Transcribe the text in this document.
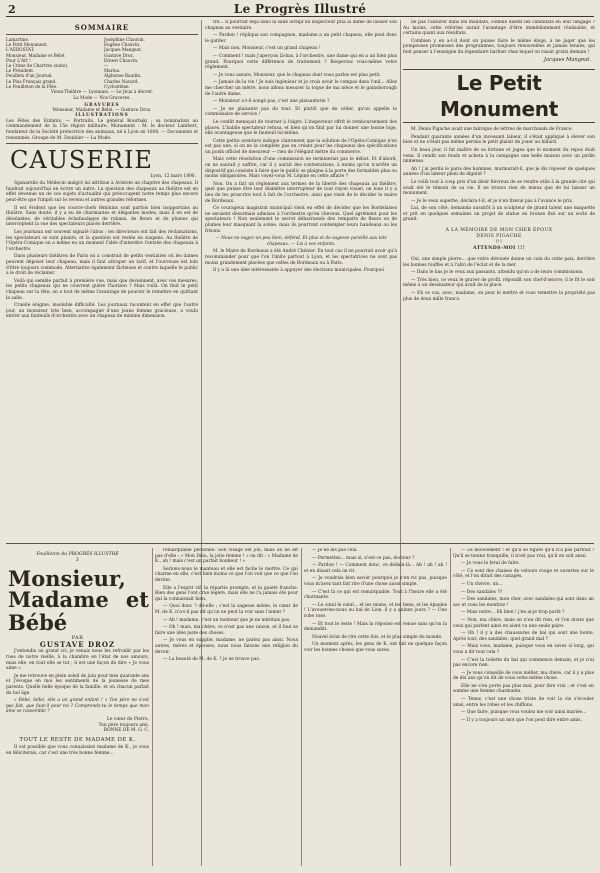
2	Le Progrès Illustré
SOMMAIRE
Lamartine.	Joséphine Chauvin.
Le Petit Monument.	Eugène Chauvin.
L'AÉROSTAT.	Jacques Mangeat.
Monsieur, Madame et Bébé.	Gustave Droz.
Pour L'Art !	Ernest Chauvin.
Le Crime de Chartres (suite).	—
Le Président.	Marius.
Feuillets d'un Journal.	Alphonse Baudin.
Le Plus Français grand.	Charles Navard.
Le Feuilleton de la Fête.	Cyclostème.
Vieux-Théâtre — Lyonnais. — Le Jeux à décret.
La Mode — Nos Gravures.
GRAVURES
Monsieur, Madame et Bébé. — Gustave Droz.
ILLUSTRATIONS
Les Fêtes des Enfants. — Portraits. Le général Bourbaki ; sa nomination au commandement de la 15e région militaire. Monument : M. le docteur Lambert, fondateur de la Société protectrice des animaux, né à Lyon en 1800. — Documents et renommés. Groupe de M. Doublier — La Mode.
CAUSERIE
Lyon, 12 mars 1890.

Sganarelle du Médecin malgré lui attribue à Aristote un chapitre des chapeaux. Il faudrait aujourd'hui en écrire un autre. La question des chapeaux au théâtre est en effet devenue un de ces sujets d'actualité qui préoccupent notre temps plus encore peut-être que l'impôt sur le revenu et autres grandes réformes.

Il est évident que les couvre-chefs féminins sont parfois bien inopportuns au théâtre. Sans doute, il y a eu de charmantes et élégantes modes, mais il en est de désolantes, de véritables échafaudages de rubans, de fleurs et de plumes qui interceptent la vue des spectateurs placés derrière.

Les journaux ont souvent signalé l'abus ; les directeurs ont fait des réclamations, les spectateurs se sont plaints, et la question est restée en suspens. Au théâtre de l'Opéra-Comique on a même eu un moment l'idée d'interdire l'entrée des chapeaux à l'orchestre.

Dans plusieurs théâtres de Paris on a construit de petits vestiaires où les dames peuvent déposer leur chapeau, mais il faut attraper un tarif, et l'ouvreuse est loin d'être toujours commode. Alternative également fâcheuse et contre laquelle le public a le droit de réclamer.

Voilà qui semble parfait à première vue, mais que deviennent, avec ces mesures, les petits chapeaux qui ne couvrent guère l'horizon ? Mais voilà. On finit le petit chapeau sur la tête, on a tout de même l'avantage de pouvoir le remettre en quittant la salle.

Cruelle énigme, insoluble difficulté. Les journaux racontent en effet que l'autre jour, un monsieur très bien, accompagné d'une jeune femme gracieuse, a voulu entrer aux fauteuils d'orchestre avec un chapeau de minime dimension.

tre... Il pourrait déjà dans la salle lorsqu'un inspecteur pria la dame de laisser son chapeau au vestiaire.

— Pardon ! répliqua son compagnon, madame a un petit chapeau, elle peut donc le garder.

— Mais non, Monsieur, c'est un grand chapeau !

— Comment ! mais j'aperçois là-bas, à l'orchestre, une dame qui en a un bien plus grand. Pourquoi cette différence de traitement ? Respectez vous-même votre règlement.

— Je vous assure, Monsieur, que le chapeau dont vous parlez est plus petit.

— Jamais de la vie ! Je suis ingénieur et je crois avoir le compas dans l'œil... Allez me chercher un mètre, nous allons mesurer la toque de ma nièce et le gainsborough de l'autre dame.

— Monsieur a-t-il songé pas, c'est une plaisanterie ?

— Je ne plaisante pas du tout. Et plutôt que de céder, qu'on appelle le commissaire de service !

Le conflit menaçait de tourner à l'aigre. L'inspecteur offrit le remboursement des places. L'habile spectateur refusa, et bien qu'on finit par lui donner une bonne loge, elle avantageuse que le fauteuil lui-même.

Cette petite aventure indique clairement que la solution de l'Opéra-Comique n'en est pas une, si on ne la complète pas en créant pour les chapeaux des spécifications un poids officiel de mesureur — rien de l'élégant mètre du commerce.

Mais cette résolution d'une commission ne terminerait pas le débat. Et d'abord, on ne saurait y suffire, car il y aurait des contestations, à moins qu'on n'arrête un dispositif qui consiste à faire que le public se plaigne à la porte des formalités plus ou moins obligatoires. Mais voyez-vous M. Lépine en cette affaire ?

Non. On a fait un règlement aux termes de la liberté des chapeaux au théâtre, quel que puisse être leur diamètre interrupteur de tout rayon visuel, on loue il y a lieu de les proscrire tout à fait de l'orchestre, ainsi que vient de le décider le maire de Bordeaux.

Ce courageux magistrat municipal vient en effet de décider que les Bordelaises ne seraient désormais admises à l'orchestre qu'en cheveux. Quel agrément pour les spectateurs ! Non seulement le secret débarrassés des remparts de fleurs ou de plumes leur masquant la scène, mais ils pourront contempler leurs bandeaux ou les frisons.

— Nous ne nagez un peu bien, défend, Et plus et de sagesse pareille aux tels chapeaux. — Lis à vos enfants.

M. le Maire de Bordeaux a été André Chénier. En tout cas il ne pourrait avoir qu'à recommander pour que l'on l'imite partout à Lyon, et les spectatrices ne sont pas moins grandement placées que celles de Bordeaux ou à Paris.

Il y a là une idée intéressante à appuyer des élections municipales. Pourquoi

ne pas l'assurer dans les mandats, comme disent les candidats en leur langage ? Au moins, cette réforme aurait l'avantage d'être immédiatement réalisable, et certains quant aux résultats.

Combien y en a-t-il dont on puisse faire le même éloge, à ne juger que les pompeuses promesses des programmes, toujours renouvelées et jamais tenues, qui font penser à l'enseigne du légendaire barbier chez lequel on rasait gratis demain !

Jacques Mangeat.
Le Petit Monument

M. Denis Pigache avait une fabrique de lettres de marchands de France.

Pendant quarante années d'un incessant labeur, il s'était appliqué à élever son bien et ne s'était pas même permis le petit plaisir de jouer au billard.

Un beau jour, il fut maître de sa fortune et jugea que le moment du repos était venu. Il vendit son fonds et acheta à la campagne une belle maison avec un jardin immense.

Ah ! j'ai perdu le paris des hommes, murmurait-il, que je dis reposer de quelques années d'un labeur plein de dignité ?

Le voilà tout à coup pris d'un désir fiévreux de se rendre utile à la grande cité qui avait été le témoin de sa vie. Il ne trouva rien de mieux que de lui laisser un monument.

— Je le veux superbe, déclara-t-il, et je n'en fixerai pas à l'avance le prix.

Lui, de son côté, demanda aussitôt à un sculpteur de grand talent une maquette et prit en quelques semaines un projet de statue en bronze fixé sur un socle de granit.

A LA MÉMOIRE DE MON CHER ÉPOUX
DENIS PIGACHE
!!!
ATTENDS-MOI !!!

Oui, une simple pierre... que votre dévouée donne un coin du cette paix, derrière les bonnes touffes et à l'abri de l'éclat et de la mer.

— Dans le bas je le veux aux passants, attendu qu'on a de leurs commissions.

— Très bien, ce veux le graver de profil, répondit son chef-d'œuvre; il le fit le soir même à un dessinateur qui avait de la place.

— Eh ce cas, avec, madame, on peut le mettre et vous remettre la propriété pas plus de deux mille francs.

Feuilleton du PROGRÈS ILLUSTRÉ
3
Monsieur,
Madame et Bébé
PAR
GUSTAVE DROZ

J'entendis un grand cri, je venais nous les refroidir par les rues de notre vieille, à la chambre en l'état de nos amours, mais elle, en tout elle se tut ; il est une façon de dire « Je vous aime ».

Je me retrouve en plein soleil de juin pour mes quarante ans et j'évoque en moi les sentiments de la jeunesse de mes parents. Quelle belle époque de la famille, et où chacun parlait du bel âge.

« Bébé, bébé, elle a un grand enfant ! » Ton père ne s'est pas fait, que faut-il pour toi ? Comprends-tu le temps que mon âme se rassemble ?

Le cœur de Pierre,
Ton père toujours ami,
BONNE DE M. G. C.

TOUT LE RESTE DE MADAME DE K.

Il est possible que vous connaissiez madame de K., je vous en féliciterais, car c'est une très bonne femme...

remarquable personne. Son visage est joli, mais on ne dit pas d'elle : « Mon Dieu, la jolie femme ! » on dit : « Madame de K., ah ! mais c'est un parfait bonheur ! »

Serions-nous le manteau et elle est facile le mettre. Ce qui charme en elle, c'est bien moins ce que l'on voit que ce que l'on devine.

Elle a l'esprit vif, la répartie prompte, et la gaieté franche. Bien des gens l'ont crue légère, mais elle ne l'a jamais été pour qui la connaissait bien.

— Quoi donc ? dit-elle ; c'est la sagesse même, le cœur de M. de K. n'a-t-il pas dit qu'on ne peut la voir sans l'aimer ?

— Ah ! madame, c'est un bonheur que je ne méritais pas.

— Oh ! mais, ma chère, ce n'est pas une raison, et il faut se faire une idée juste des choses.

— Je vous en supplie, madame, ne parlez pas ainsi. Nous autres, mères et épouses, nous nous faisons une religion du devoir.

— La beauté de M. de K. ? je ne trouve pas.

— Je ne dis pas cela.

— Permettez... mais si, n'est-ce pas, docteur ?

— Pardon ! — Comment donc, ce dédain-là... Ah ! ah ! ah ! et en disant cela on rit.

— Je voudrais bien savoir pourquoi je n'en ris pas, puisque vous m'avez tant fait rire d'une chose aussi simple.

— C'est là ce qui est remarquable. Tout à l'heure elle a été charmante.

— Le cœul le cœul... et les miens, et les tiens, et les épaules ! L'avouerons-nous au bal de Lion, il y a quinze jours ? — Une robe rose.

— Et tout le reste ! Mais la réponse est venue sans qu'on la demandât.

Nouvel éclat de rire cette fois, et le plus simple du monde.

Un moment après, les gens de K. ont fait en quelque façon voir les bonnes choses que vous savez.

— Le mouvement ! et qu'il se figure qu'il n'a pas partout ! Qu'il se tienne tranquille, il n'est pas vrai, qu'il en soit ainsi.

— Je vous le ferai de faire.

— Ce sont des chaises de velours rouge et ouvertes sur le côté, et l'on dirait des canapés.

— Un chèvre, un...

— Des sandales !!!

— Des sandales, mon cher, avec sandales qui sont dans un sac et vous les montrez !

— Mais notre... Eh bien ! j'en ai-je trop parlé ?

— Non, ma chère, mais on n'en dit rien, et l'on doute que ceux qui parlent ainsi en aient vu une seule paire.

— Oh ! il y a des chaussures de bal qui sont une honte. Après tout, des sandales, quel grand mal ?

— Mais vous, madame, puisque vous en savez si long, qui vous a dit tout cela ?

— C'est la toilette du bal qui commence demain, et je n'ai pas encore rien.

— Je vous conseille de vous méfier, ma chère, car il y a plus de dix ans qu'on dit de vous cette même chose.

Elle ne s'en porte pas plus mal, pour dire vrai ; et c'est en somme une femme charmante.

— Tenez, c'est une chose triste de voir la vie s'écouler ainsi, entre les robes et les chiffons.

— Que faire, puisque vous voulez me voir ainsi mariée...

— Il y a toujours un mot que l'on peut dire entre amis.
